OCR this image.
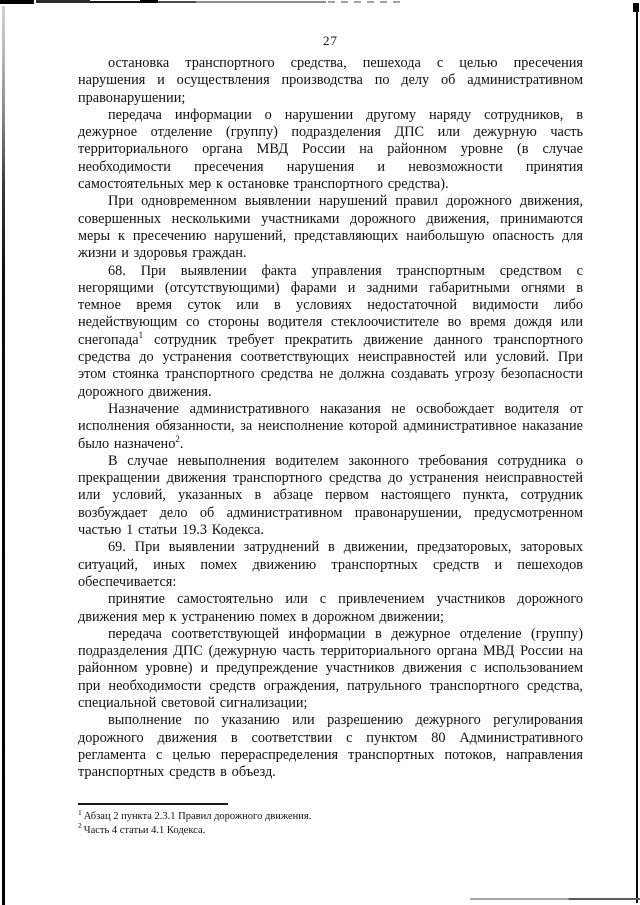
27

остановка транспортного средства, пешехода с целью пресечения нарушения и осуществления производства по делу об административном правонарушении;

передача информации о нарушении другому наряду сотрудников, в дежурное отделение (группу) подразделения ДПС или дежурную часть территориального органа МВД России на районном уровне (в случае необходимости пресечения нарушения и невозможности принятия самостоятельных мер к остановке транспортного средства).

При одновременном выявлении нарушений правил дорожного движения, совершенных несколькими участниками дорожного движения, принимаются меры к пресечению нарушений, представляющих наибольшую опасность для жизни и здоровья граждан.

68. При выявлении факта управления транспортным средством с негорящими (отсутствующими) фарами и задними габаритными огнями в темное время суток или в условиях недостаточной видимости либо недействующим со стороны водителя стеклоочистителе во время дождя или снегопада$^1$ сотрудник требует прекратить движение данного транспортного средства до устранения соответствующих неисправностей или условий. При этом стоянка транспортного средства не должна создавать угрозу безопасности дорожного движения.

Назначение административного наказания не освобождает водителя от исполнения обязанности, за неисполнение которой административное наказание было назначено$^2$.

В случае невыполнения водителем законного требования сотрудника о прекращении движения транспортного средства до устранения неисправностей или условий, указанных в абзаце первом настоящего пункта, сотрудник возбуждает дело об административном правонарушении, предусмотренном частью 1 статьи 19.3 Кодекса.

69. При выявлении затруднений в движении, предзаторовых, заторовых ситуаций, иных помех движению транспортных средств и пешеходов обеспечивается:

принятие самостоятельно или с привлечением участников дорожного движения мер к устранению помех в дорожном движении;

передача соответствующей информации в дежурное отделение (группу) подразделения ДПС (дежурную часть территориального органа МВД России на районном уровне) и предупреждение участников движения с использованием при необходимости средств ограждения, патрульного транспортного средства, специальной световой сигнализации;

выполнение по указанию или разрешению дежурного регулирования дорожного движения в соответствии с пунктом 80 Административного регламента с целью перераспределения транспортных потоков, направления транспортных средств в объезд.

$^1$ Абзац 2 пункта 2.3.1 Правил дорожного движения.

$^2$ Часть 4 статьи 4.1 Кодекса.
